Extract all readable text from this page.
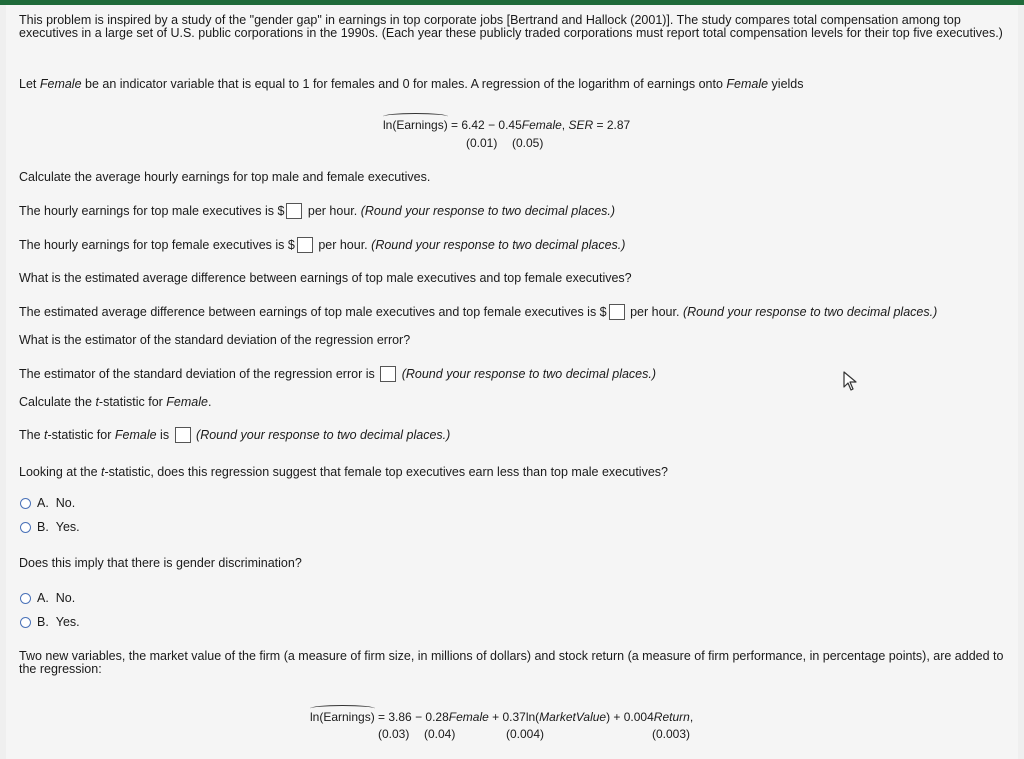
This problem is inspired by a study of the "gender gap" in earnings in top corporate jobs [Bertrand and Hallock (2001)]. The study compares total compensation among top executives in a large set of U.S. public corporations in the 1990s. (Each year these publicly traded corporations must report total compensation levels for their top five executives.)
Let Female be an indicator variable that is equal to 1 for females and 0 for males. A regression of the logarithm of earnings onto Female yields
ln(Earnings) = 6.42 − 0.45Female, SER = 2.87
(0.01) (0.05)
Calculate the average hourly earnings for top male and female executives.
The hourly earnings for top male executives is $ per hour. (Round your response to two decimal places.)
The hourly earnings for top female executives is $ per hour. (Round your response to two decimal places.)
What is the estimated average difference between earnings of top male executives and top female executives?
The estimated average difference between earnings of top male executives and top female executives is $ per hour. (Round your response to two decimal places.)
What is the estimator of the standard deviation of the regression error?
The estimator of the standard deviation of the regression error is (Round your response to two decimal places.)
Calculate the t-statistic for Female.
The t-statistic for Female is (Round your response to two decimal places.)
Looking at the t-statistic, does this regression suggest that female top executives earn less than top male executives?
A. No.
B. Yes.
Does this imply that there is gender discrimination?
A. No.
B. Yes.
Two new variables, the market value of the firm (a measure of firm size, in millions of dollars) and stock return (a measure of firm performance, in percentage points), are added to the regression:
ln(Earnings) = 3.86 − 0.28Female + 0.37ln(MarketValue) + 0.004Return,
(0.03) (0.04)	(0.004)	(0.003)
